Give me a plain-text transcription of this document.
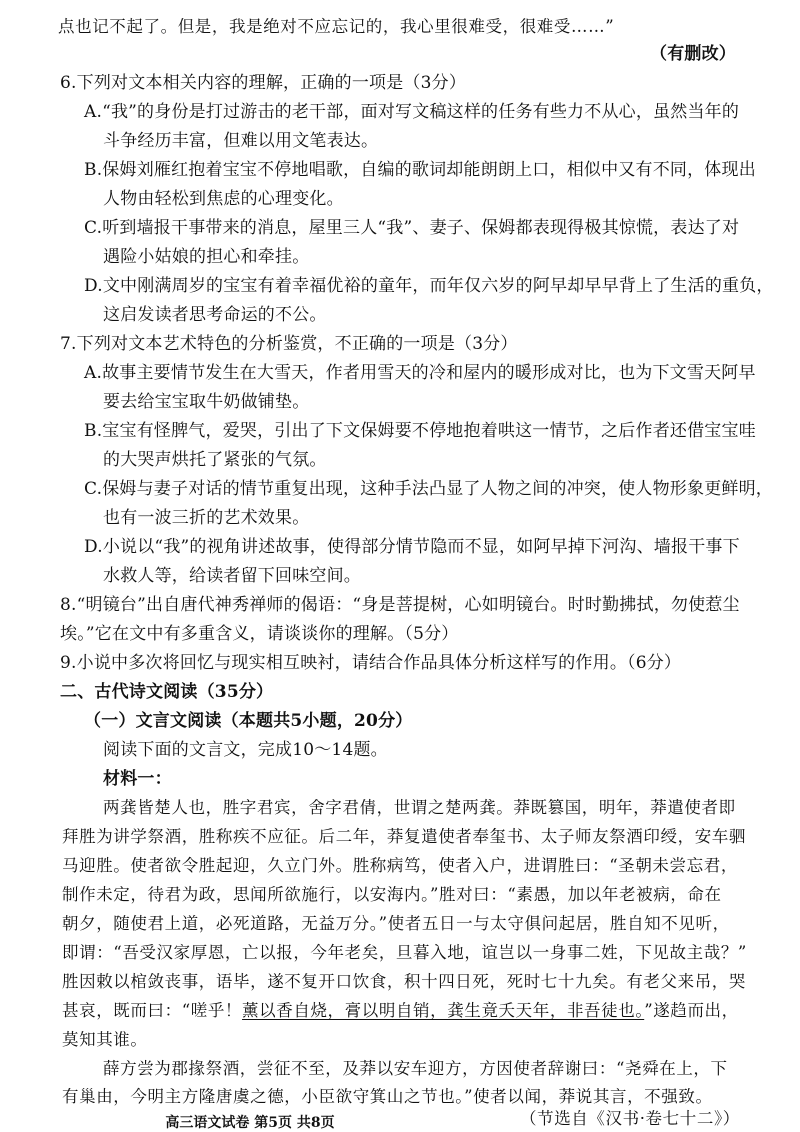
点也记不起了。但是，我是绝对不应忘记的，我心里很难受，很难受……”
（有删改）
6.下列对文本相关内容的理解，正确的一项是（3分）
A.“我”的身份是打过游击的老干部，面对写文稿这样的任务有些力不从心，虽然当年的
斗争经历丰富，但难以用文笔表达。
B.保姆刘雁红抱着宝宝不停地唱歌，自编的歌词却能朗朗上口，相似中又有不同，体现出
人物由轻松到焦虑的心理变化。
C.听到墙报干事带来的消息，屋里三人“我”、妻子、保姆都表现得极其惊慌，表达了对
遇险小姑娘的担心和牵挂。
D.文中刚满周岁的宝宝有着幸福优裕的童年，而年仅六岁的阿早却早早背上了生活的重负，
这启发读者思考命运的不公。
7.下列对文本艺术特色的分析鉴赏，不正确的一项是（3分）
A.故事主要情节发生在大雪天，作者用雪天的冷和屋内的暖形成对比，也为下文雪天阿早
要去给宝宝取牛奶做铺垫。
B.宝宝有怪脾气，爱哭，引出了下文保姆要不停地抱着哄这一情节，之后作者还借宝宝哇
的大哭声烘托了紧张的气氛。
C.保姆与妻子对话的情节重复出现，这种手法凸显了人物之间的冲突，使人物形象更鲜明，
也有一波三折的艺术效果。
D.小说以“我”的视角讲述故事，使得部分情节隐而不显，如阿早掉下河沟、墙报干事下
水救人等，给读者留下回味空间。
8.“明镜台”出自唐代神秀禅师的偈语：“身是菩提树，心如明镜台。时时勤拂拭，勿使惹尘
埃。”它在文中有多重含义，请谈谈你的理解。（5分）
9.小说中多次将回忆与现实相互映衬，请结合作品具体分析这样写的作用。（6分）
二、古代诗文阅读（35分）
（一）文言文阅读（本题共5小题，20分）
阅读下面的文言文，完成10～14题。
材料一：
两龚皆楚人也，胜字君宾，舍字君倩，世谓之楚两龚。莽既篡国，明年，莽遣使者即
拜胜为讲学祭酒，胜称疾不应征。后二年，莽复遣使者奉玺书、太子师友祭酒印绶，安车驷
马迎胜。使者欲令胜起迎，久立门外。胜称病笃，使者入户，进谓胜曰：“圣朝未尝忘君，
制作未定，待君为政，思闻所欲施行，以安海内。”胜对曰：“素愚，加以年老被病，命在
朝夕，随使君上道，必死道路，无益万分。”使者五日一与太守俱问起居，胜自知不见听，
即谓：“吾受汉家厚恩，亡以报，今年老矣，旦暮入地，谊岂以一身事二姓，下见故主哉？”
胜因敕以棺敛丧事，语毕，遂不复开口饮食，积十四日死，死时七十九矣。有老父来吊，哭
甚哀，既而曰：“嗟乎！薰以香自烧，膏以明自销，龚生竟夭天年，非吾徒也。”遂趋而出，
莫知其谁。
薛方尝为郡掾祭酒，尝征不至，及莽以安车迎方，方因使者辞谢曰：“尧舜在上，下
高三语文试卷 第5页 共8页
有巢由，今明主方隆唐虞之德，小臣欲守箕山之节也。”使者以闻，莽说其言，不强致。
（节选自《汉书·卷七十二》）
